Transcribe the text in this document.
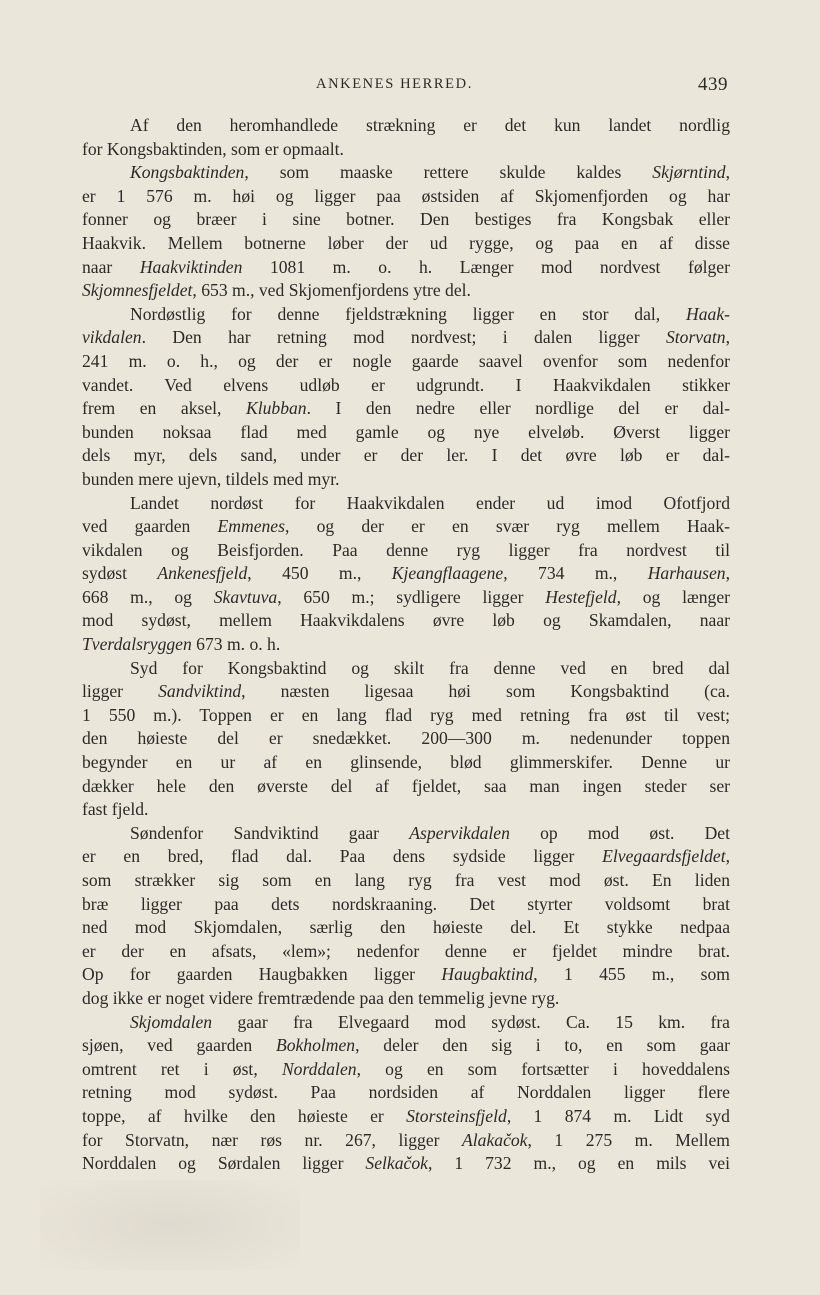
ANKENES HERRED.	439
Af den heromhandlede strækning er det kun landet nordlig
for Kongsbaktinden, som er opmaalt.
Kongsbaktinden, som maaske rettere skulde kaldes Skjørntind,
er 1 576 m. høi og ligger paa østsiden af Skjomenfjorden og har
fonner og bræer i sine botner. Den bestiges fra Kongsbak eller
Haakvik. Mellem botnerne løber der ud rygge, og paa en af disse
naar Haakviktinden 1081 m. o. h. Længer mod nordvest følger
Skjomnesfjeldet, 653 m., ved Skjomenfjordens ytre del.
Nordøstlig for denne fjeldstrækning ligger en stor dal, Haak-
vikdalen. Den har retning mod nordvest; i dalen ligger Storvatn,
241 m. o. h., og der er nogle gaarde saavel ovenfor som nedenfor
vandet. Ved elvens udløb er udgrundt. I Haakvikdalen stikker
frem en aksel, Klubban. I den nedre eller nordlige del er dal-
bunden noksaa flad med gamle og nye elveløb. Øverst ligger
dels myr, dels sand, under er der ler. I det øvre løb er dal-
bunden mere ujevn, tildels med myr.
Landet nordøst for Haakvikdalen ender ud imod Ofotfjord
ved gaarden Emmenes, og der er en svær ryg mellem Haak-
vikdalen og Beisfjorden. Paa denne ryg ligger fra nordvest til
sydøst Ankenesfjeld, 450 m., Kjeangflaagene, 734 m., Harhausen,
668 m., og Skavtuva, 650 m.; sydligere ligger Hestefjeld, og længer
mod sydøst, mellem Haakvikdalens øvre løb og Skamdalen, naar
Tverdalsryggen 673 m. o. h.
Syd for Kongsbaktind og skilt fra denne ved en bred dal
ligger Sandviktind, næsten ligesaa høi som Kongsbaktind (ca.
1 550 m.). Toppen er en lang flad ryg med retning fra øst til vest;
den høieste del er snedækket. 200—300 m. nedenunder toppen
begynder en ur af en glinsende, blød glimmerskifer. Denne ur
dækker hele den øverste del af fjeldet, saa man ingen steder ser
fast fjeld.
Søndenfor Sandviktind gaar Aspervikdalen op mod øst. Det
er en bred, flad dal. Paa dens sydside ligger Elvegaardsfjeldet,
som strækker sig som en lang ryg fra vest mod øst. En liden
bræ ligger paa dets nordskraaning. Det styrter voldsomt brat
ned mod Skjomdalen, særlig den høieste del. Et stykke nedpaa
er der en afsats, «lem»; nedenfor denne er fjeldet mindre brat.
Op for gaarden Haugbakken ligger Haugbaktind, 1 455 m., som
dog ikke er noget videre fremtrædende paa den temmelig jevne ryg.
Skjomdalen gaar fra Elvegaard mod sydøst. Ca. 15 km. fra
sjøen, ved gaarden Bokholmen, deler den sig i to, en som gaar
omtrent ret i øst, Norddalen, og en som fortsætter i hoveddalens
retning mod sydøst. Paa nordsiden af Norddalen ligger flere
toppe, af hvilke den høieste er Storsteinsfjeld, 1 874 m. Lidt syd
for Storvatn, nær røs nr. 267, ligger Alakačok, 1 275 m. Mellem
Norddalen og Sørdalen ligger Selkačok, 1 732 m., og en mils vei
